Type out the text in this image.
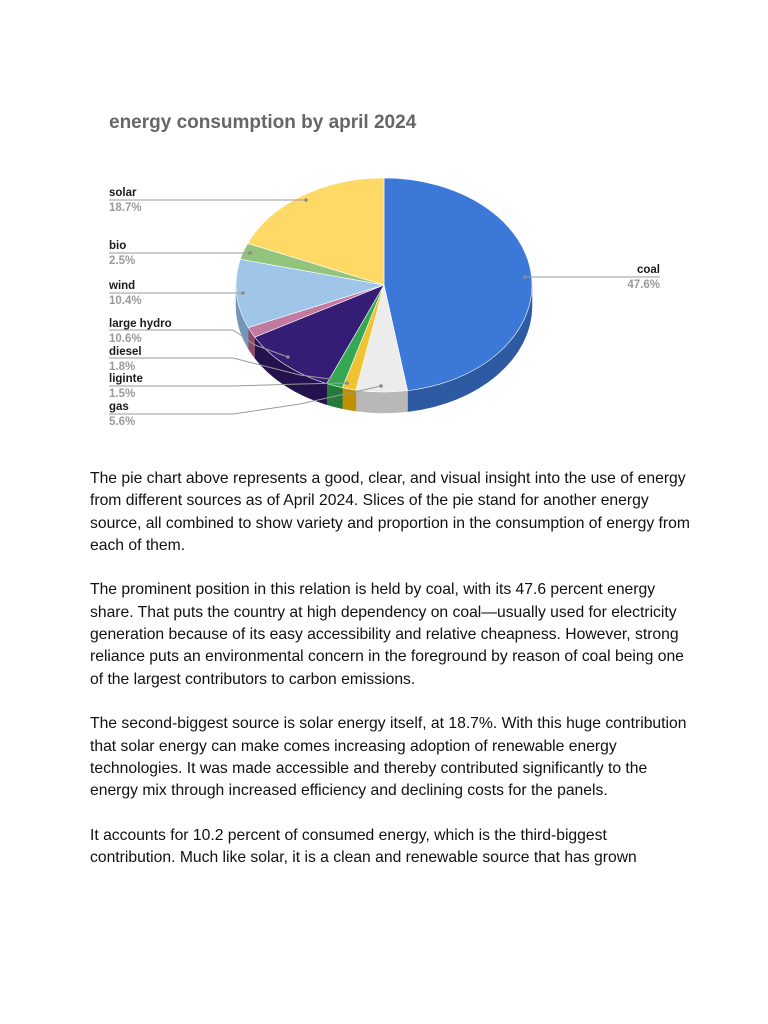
energy consumption by april 2024
coal
47.6%
gas
5.6%
liginte
1.5%
diesel
1.8%
large hydro
10.6%
wind
10.4%
bio
2.5%
solar
18.7%

The pie chart above represents a good, clear, and visual insight into the use of energy from different sources as of April 2024. Slices of the pie stand for another energy source, all combined to show variety and proportion in the consumption of energy from each of them.

The prominent position in this relation is held by coal, with its 47.6 percent energy share. That puts the country at high dependency on coal—usually used for electricity generation because of its easy accessibility and relative cheapness. However, strong reliance puts an environmental concern in the foreground by reason of coal being one of the largest contributors to carbon emissions.

The second-biggest source is solar energy itself, at 18.7%. With this huge contribution that solar energy can make comes increasing adoption of renewable energy technologies. It was made accessible and thereby contributed significantly to the energy mix through increased efficiency and declining costs for the panels.

It accounts for 10.2 percent of consumed energy, which is the third-biggest contribution. Much like solar, it is a clean and renewable source that has grown
